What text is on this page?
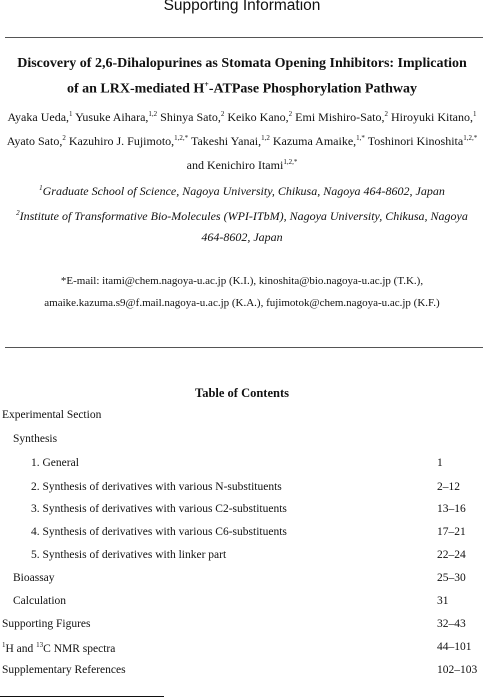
Supporting Information
Discovery of 2,6-Dihalopurines as Stomata Opening Inhibitors: Implication
of an LRX-mediated H+-ATPase Phosphorylation Pathway
Ayaka Ueda,$^1$ Yusuke Aihara,$^{1,2}$ Shinya Sato,$^2$ Keiko Kano,$^2$ Emi Mishiro-Sato,$^2$ Hiroyuki Kitano,$^1$ Ayato Sato,$^2$ Kazuhiro J. Fujimoto,$^{1,2,*}$ Takeshi Yanai,$^{1,2}$ Kazuma Amaike,$^{1,*}$ Toshinori Kinoshita$^{1,2,*}$ and Kenichiro Itami$^{1,2,*}$
$^1$Graduate School of Science, Nagoya University, Chikusa, Nagoya 464-8602, Japan
$^2$Institute of Transformative Bio-Molecules (WPI-ITbM), Nagoya University, Chikusa, Nagoya 464-8602, Japan
*E-mail: itami@chem.nagoya-u.ac.jp (K.I.), kinoshita@bio.nagoya-u.ac.jp (T.K.),
amaike.kazuma.s9@f.mail.nagoya-u.ac.jp (K.A.), fujimotok@chem.nagoya-u.ac.jp (K.F.)
Table of Contents
Experimental Section
Synthesis
1. General	1
2. Synthesis of derivatives with various N-substituents	2–12
3. Synthesis of derivatives with various C2-substituents	13–16
4. Synthesis of derivatives with various C6-substituents	17–21
5. Synthesis of derivatives with linker part	22–24
Bioassay	25–30
Calculation	31
Supporting Figures	32–43
$^1$H and $^{13}$C NMR spectra	44–101
Supplementary References	102–103
